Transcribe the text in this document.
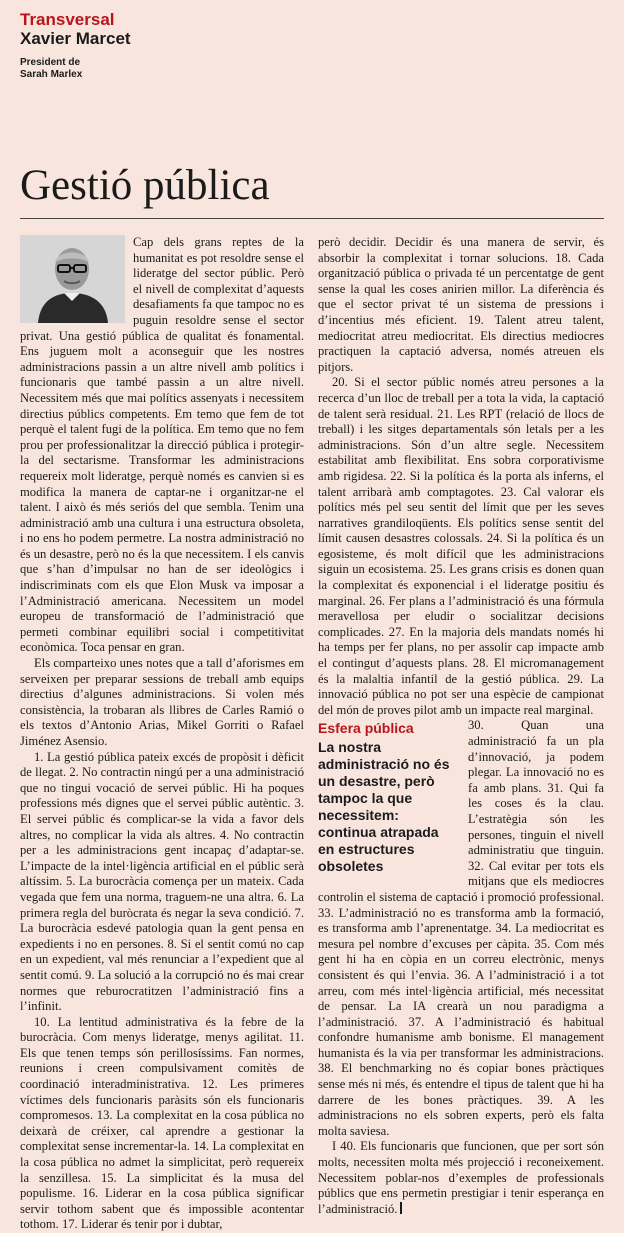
Transversal
Xavier Marcet
President de
Sarah Marlex
Gestió pública

Cap dels grans reptes de la humanitat es pot resoldre sense el lideratge del sector públic. Però el nivell de complexitat d’aquests desafiaments fa que tampoc no es puguin resoldre sense el sector privat. Una gestió pública de qualitat és fonamental. Ens juguem molt a aconseguir que les nostres administracions passin a un altre nivell amb polítics i funcionaris que també passin a un altre nivell. Necessitem més que mai polítics assenyats i necessitem directius públics competents. Em temo que fem de tot perquè el talent fugi de la política. Em temo que no fem prou per professionalitzar la direcció pública i protegir-la del sectarisme. Transformar les administracions requereix molt lideratge, perquè només es canvien si es modifica la manera de captar-ne i organitzar-ne el talent. I això és més seriós del que sembla. Tenim una administració amb una cultura i una estructura obsoleta, i no ens ho podem permetre. La nostra administració no és un desastre, però no és la que necessitem. I els canvis que s’han d’impulsar no han de ser ideològics i indiscriminats com els que Elon Musk va imposar a l’Administració americana. Necessitem un model europeu de transformació de l’administració que permeti combinar equilibri social i competitivitat econòmica. Toca pensar en gran.

Els comparteixo unes notes que a tall d’aforismes em serveixen per preparar sessions de treball amb equips directius d’algunes administracions. Si volen més consistència, la trobaran als llibres de Carles Ramió o els textos d’Antonio Arias, Mikel Gorriti o Rafael Jiménez Asensio.

1. La gestió pública pateix excés de propòsit i dèficit de llegat. 2. No contractin ningú per a una administració que no tingui vocació de servei públic. Hi ha poques professions més dignes que el servei públic autèntic. 3. El servei públic és complicar-se la vida a favor dels altres, no complicar la vida als altres. 4. No contractin per a les administracions gent incapaç d’adaptar-se. L’impacte de la intel·ligència artificial en el públic serà altíssim. 5. La burocràcia comença per un mateix. Cada vegada que fem una norma, traguem-ne una altra. 6. La primera regla del buròcrata és negar la seva condició. 7. La burocràcia esdevé patologia quan la gent pensa en expedients i no en persones. 8. Si el sentit comú no cap en un expedient, val més renunciar a l’expedient que al sentit comú. 9. La solució a la corrupció no és mai crear normes que reburocratitzen l’administració fins a l’infinit.

10. La lentitud administrativa és la febre de la burocràcia. Com menys lideratge, menys agilitat. 11. Els que tenen temps són perillosíssims. Fan normes, reunions i creen compulsivament comitès de coordinació interadministrativa. 12. Les primeres víctimes dels funcionaris paràsits són els funcionaris compromesos. 13. La complexitat en la cosa pública no deixarà de créixer, cal aprendre a gestionar la complexitat sense incrementar-la. 14. La complexitat en la cosa pública no admet la simplicitat, però requereix la senzillesa. 15. La simplicitat és la musa del populisme. 16. Liderar en la cosa pública significar servir tothom sabent que és impossible acontentar tothom. 17. Liderar és tenir por i dubtar,

però decidir. Decidir és una manera de servir, és absorbir la complexitat i tornar solucions. 18. Cada organització pública o privada té un percentatge de gent sense la qual les coses anirien millor. La diferència és que el sector privat té un sistema de pressions i d’incentius més eficient. 19. Talent atreu talent, mediocritat atreu mediocritat. Els directius mediocres practiquen la captació adversa, només atreuen els pitjors.

20. Si el sector públic només atreu persones a la recerca d’un lloc de treball per a tota la vida, la captació de talent serà residual. 21. Les RPT (relació de llocs de treball) i les sitges departamentals són letals per a les administracions. Són d’un altre segle. Necessitem estabilitat amb flexibilitat. Ens sobra corporativisme amb rigidesa. 22. Si la política és la porta als inferns, el talent arribarà amb comptagotes. 23. Cal valorar els polítics més pel seu sentit del límit que per les seves narratives grandiloqüents. Els polítics sense sentit del límit causen desastres colossals. 24. Si la política és un egosisteme, és molt difícil que les administracions siguin un ecosistema. 25. Les grans crisis es donen quan la complexitat és exponencial i el lideratge positiu és marginal. 26. Fer plans a l’administració és una fórmula meravellosa per eludir o socialitzar decisions complicades. 27. En la majoria dels mandats només hi ha temps per fer plans, no per assolir cap impacte amb el contingut d’aquests plans. 28. El micromanagement és la malaltia infantil de la gestió pública. 29. La innovació pública no pot ser una espècie de campionat del món de proves pilot amb un impacte real marginal.

Esfera pública
La nostra administració no és un desastre, però tampoc la que necessitem: continua atrapada en estructures obsoletes

30. Quan una administració fa un pla d’innovació, ja podem plegar. La innovació no es fa amb plans. 31. Qui fa les coses és la clau. L’estratègia són les persones, tinguin el nivell administratiu que tinguin. 32. Cal evitar per tots els mitjans que els mediocres controlin el sistema de captació i promoció professional. 33. L’administració no es transforma amb la formació, es transforma amb l’aprenentatge. 34. La mediocritat es mesura pel nombre d’excuses per càpita. 35. Com més gent hi ha en còpia en un correu electrònic, menys consistent és qui l’envia. 36. A l’administració i a tot arreu, com més intel·ligència artificial, més necessitat de pensar. La IA crearà un nou paradigma a l’administració. 37. A l’administració és habitual confondre humanisme amb bonisme. El management humanista és la via per transformar les administracions. 38. El benchmarking no és copiar bones pràctiques sense més ni més, és entendre el tipus de talent que hi ha darrere de les bones pràctiques. 39. A les administracions no els sobren experts, però els falta molta saviesa.

I 40. Els funcionaris que funcionen, que per sort són molts, necessiten molta més projecció i reconeixement. Necessitem poblar-nos d’exemples de professionals públics que ens permetin prestigiar i tenir esperança en l’administració.
